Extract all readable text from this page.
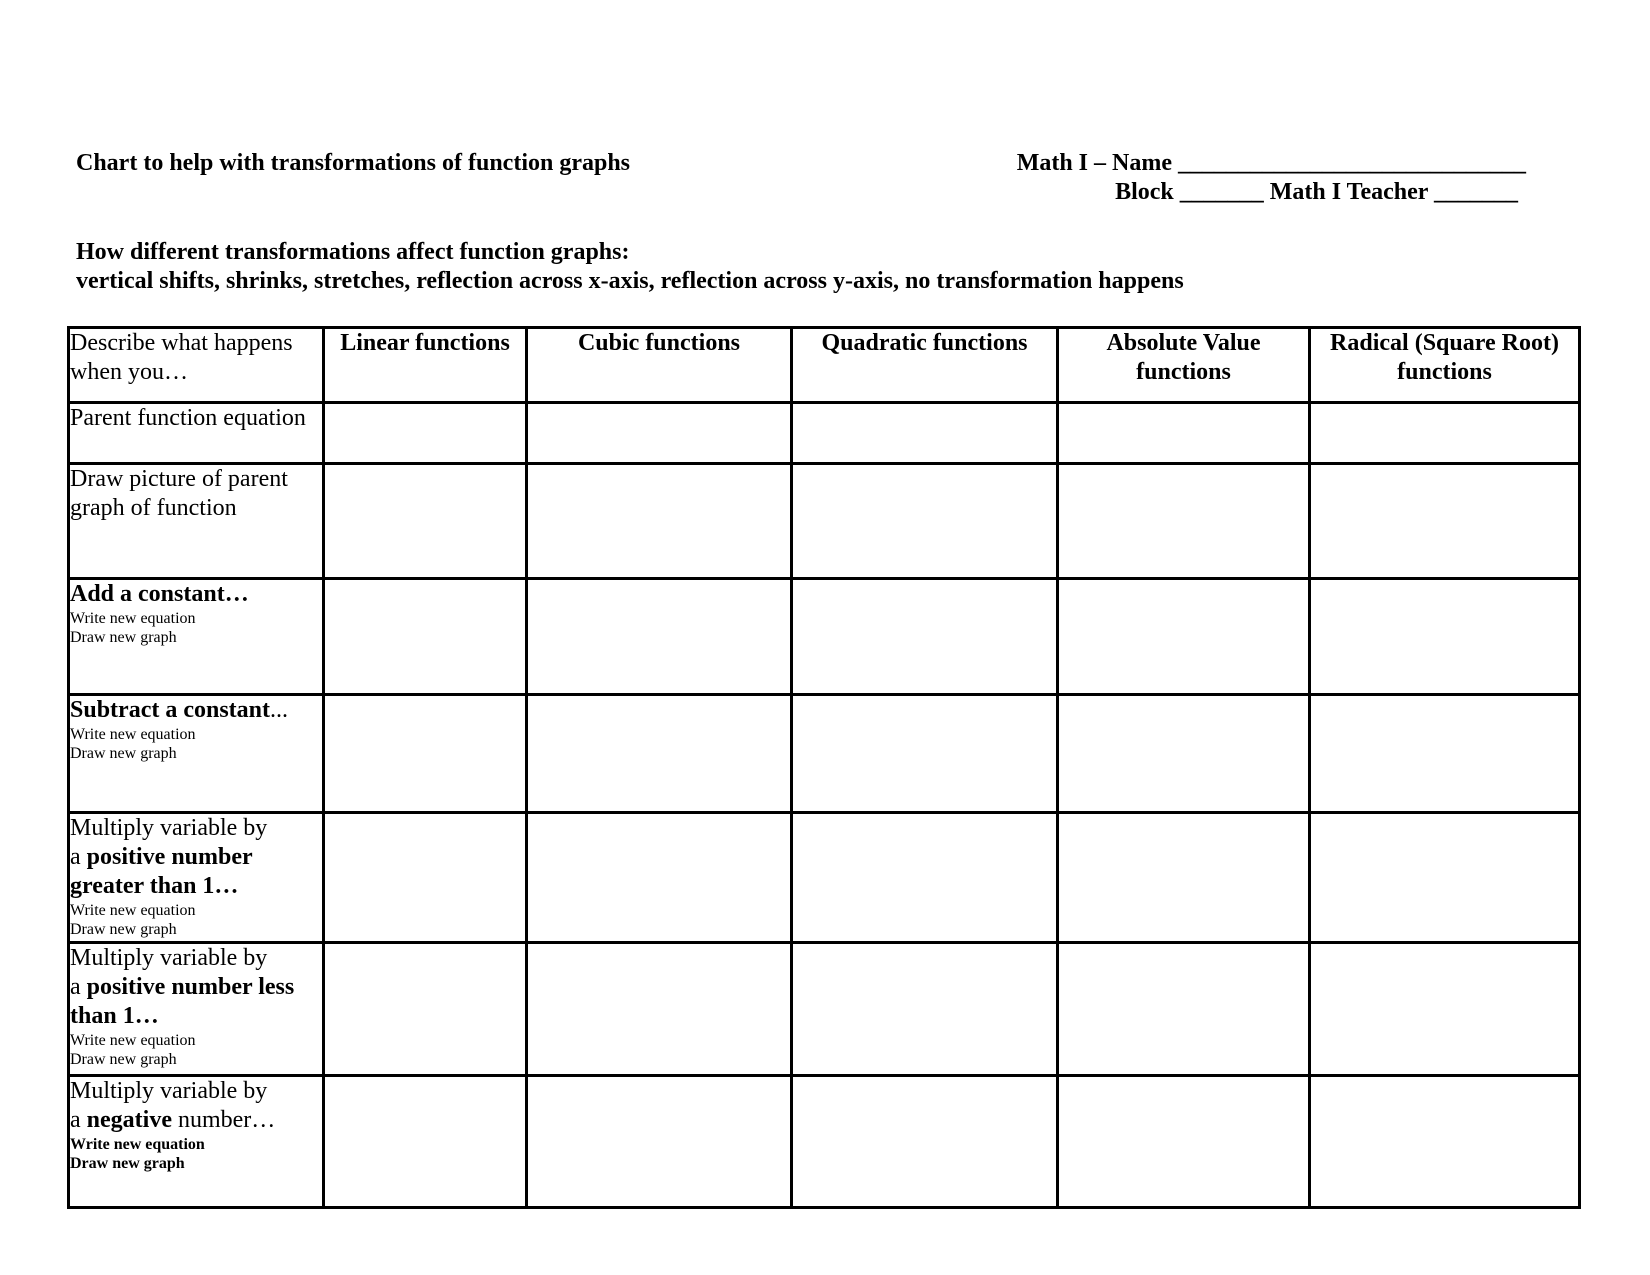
Chart to help with transformations of function graphs	Math I – Name _____________________________
Block _______ Math I Teacher _______
How different transformations affect function graphs:
vertical shifts, shrinks, stretches, reflection across x-axis, reflection across y-axis, no transformation happens
Describe what happens when you…	Linear functions	Cubic functions	Quadratic functions	Absolute Value functions	Radical (Square Root) functions
Parent function equation					
Draw picture of parent graph of function					

Add a constant…
Write new equation
Draw new graph					

Subtract a constant...
Write new equation
Draw new graph					

Multiply variable by
a positive number greater than 1…
Write new equation
Draw new graph					

Multiply variable by
a positive number less than 1…
Write new equation
Draw new graph					

Multiply variable by
a negative number…
Write new equation
Draw new graph					
